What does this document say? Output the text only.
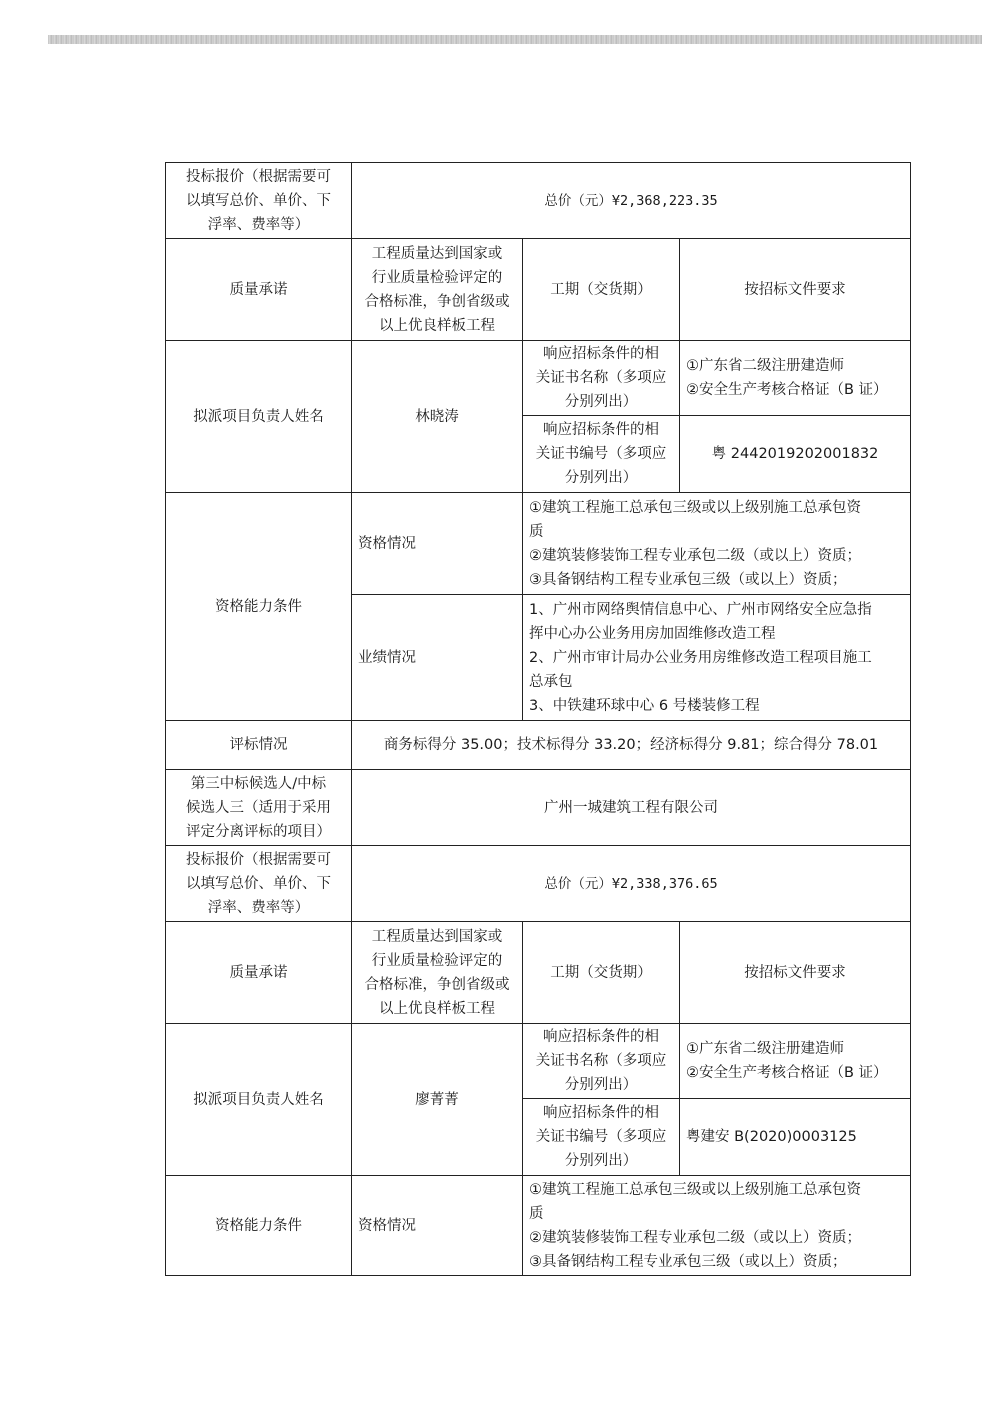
投标报价（根据需要可
以填写总价、单价、下
浮率、费率等）	总价（元）¥2,368,223.35		
质量承诺	工程质量达到国家或
行业质量检验评定的
合格标准，争创省级或
以上优良样板工程	工期（交货期）	按招标文件要求
拟派项目负责人姓名	林晓涛	响应招标条件的相
关证书名称（多项应
分别列出）	①广东省二级注册建造师
②安全生产考核合格证（B 证）

		响应招标条件的相
关证书编号（多项应
分别列出）	粤 2442019202001832
资格能力条件	资格情况	①建筑工程施工总承包三级或以上级别施工总承包资
质
②建筑装修装饰工程专业承包二级（或以上）资质；
③具备钢结构工程专业承包三级（或以上）资质；	

	业绩情况	1、广州市网络舆情信息中心、广州市网络安全应急指
挥中心办公业务用房加固维修改造工程
2、广州市审计局办公业务用房维修改造工程项目施工
总承包
3、中铁建环球中心 6 号楼装修工程	

评标情况	商务标得分 35.00；技术标得分 33.20；经济标得分 9.81；综合得分 78.01		

第三中标候选人/中标
候选人三（适用于采用
评定分离评标的项目）	广州一城建筑工程有限公司		

投标报价（根据需要可
以填写总价、单价、下
浮率、费率等）	总价（元）¥2,338,376.65		
质量承诺	工程质量达到国家或
行业质量检验评定的
合格标准，争创省级或
以上优良样板工程	工期（交货期）	按招标文件要求
拟派项目负责人姓名	廖菁菁	响应招标条件的相
关证书名称（多项应
分别列出）	①广东省二级注册建造师
②安全生产考核合格证（B 证）

		响应招标条件的相
关证书编号（多项应
分别列出）	粤建安 B(2020)0003125
资格能力条件	资格情况	①建筑工程施工总承包三级或以上级别施工总承包资
质
②建筑装修装饰工程专业承包二级（或以上）资质；
③具备钢结构工程专业承包三级（或以上）资质；	
